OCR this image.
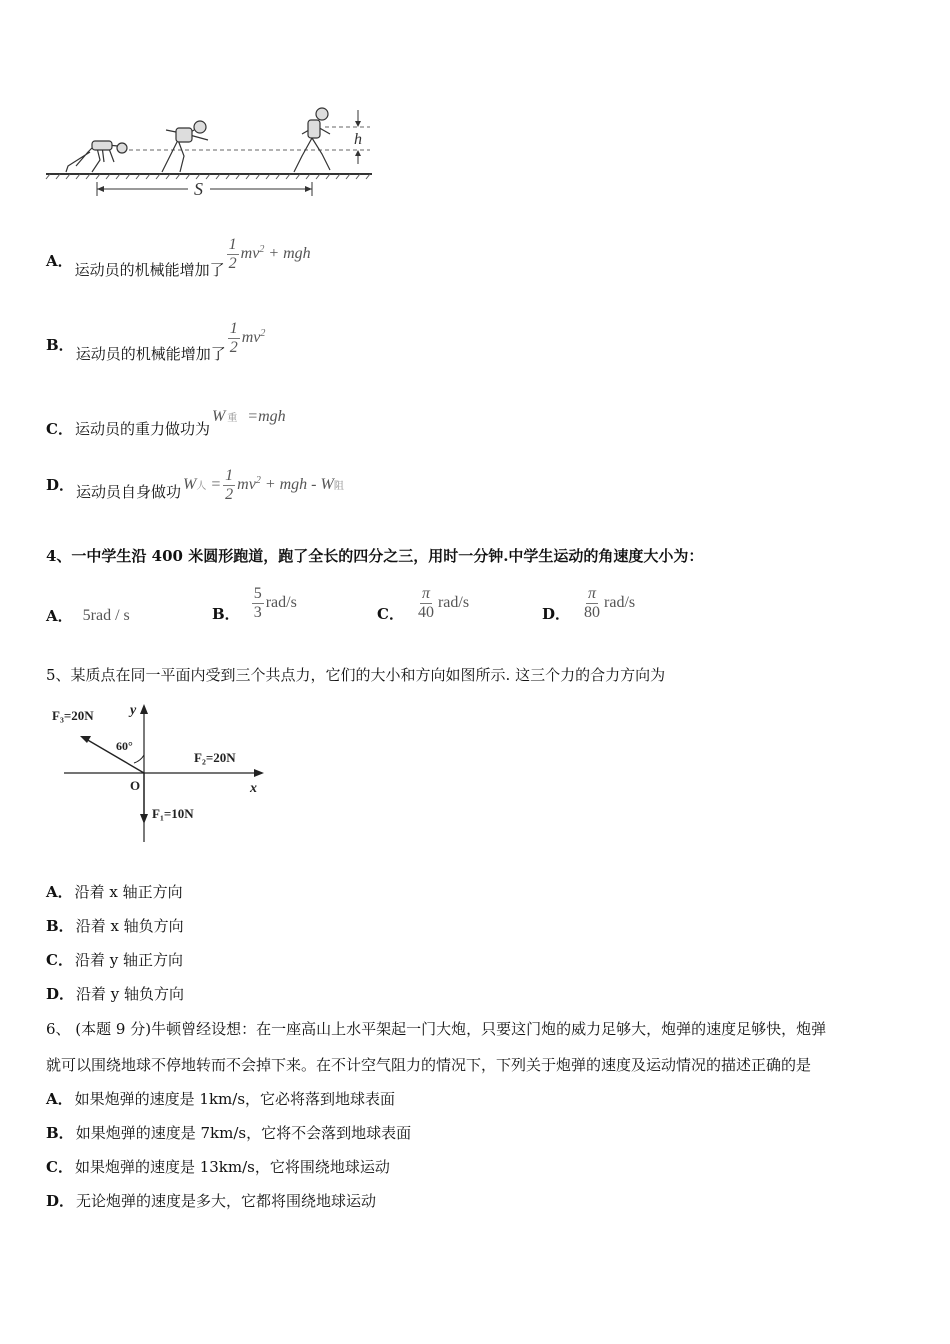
h
S
A． 运动员的机械能增加了 $\frac{1}{2} mv^2$ + mgh
B． 运动员的机械能增加了 $\frac{1}{2} mv^2$
C． 运动员的重力做功为
W重 =mgh
D． 运动员自身做功 W人 = $\frac{1}{2} mv^2$ + mgh - W阻
4、一中学生沿 400 米圆形跑道，跑了全长的四分之三，用时一分钟.中学生运动的角速度大小为：
A． 5rad / s	B． $\frac{5}{3} rad/s$
C． $\frac{\pi}{40} rad/s$
D． $\frac{\pi}{80} rad/s$
5、某质点在同一平面内受到三个共点力，它们的大小和方向如图所示. 这三个力的合力方向为
F₃=20N
F₂=20N
F₁=10N
60°
y
x
O
A． 沿着 x 轴正方向
B． 沿着 x 轴负方向
C． 沿着 y 轴正方向
D． 沿着 y 轴负方向
6、 (本题 9 分)牛顿曾经设想：在一座高山上水平架起一门大炮，只要这门炮的威力足够大，炮弹的速度足够快，炮弹
就可以围绕地球不停地转而不会掉下来。在不计空气阻力的情况下，下列关于炮弹的速度及运动情况的描述正确的是
A． 如果炮弹的速度是 1km/s，它必将落到地球表面
B． 如果炮弹的速度是 7km/s，它将不会落到地球表面
C． 如果炮弹的速度是 13km/s，它将围绕地球运动
D． 无论炮弹的速度是多大，它都将围绕地球运动
